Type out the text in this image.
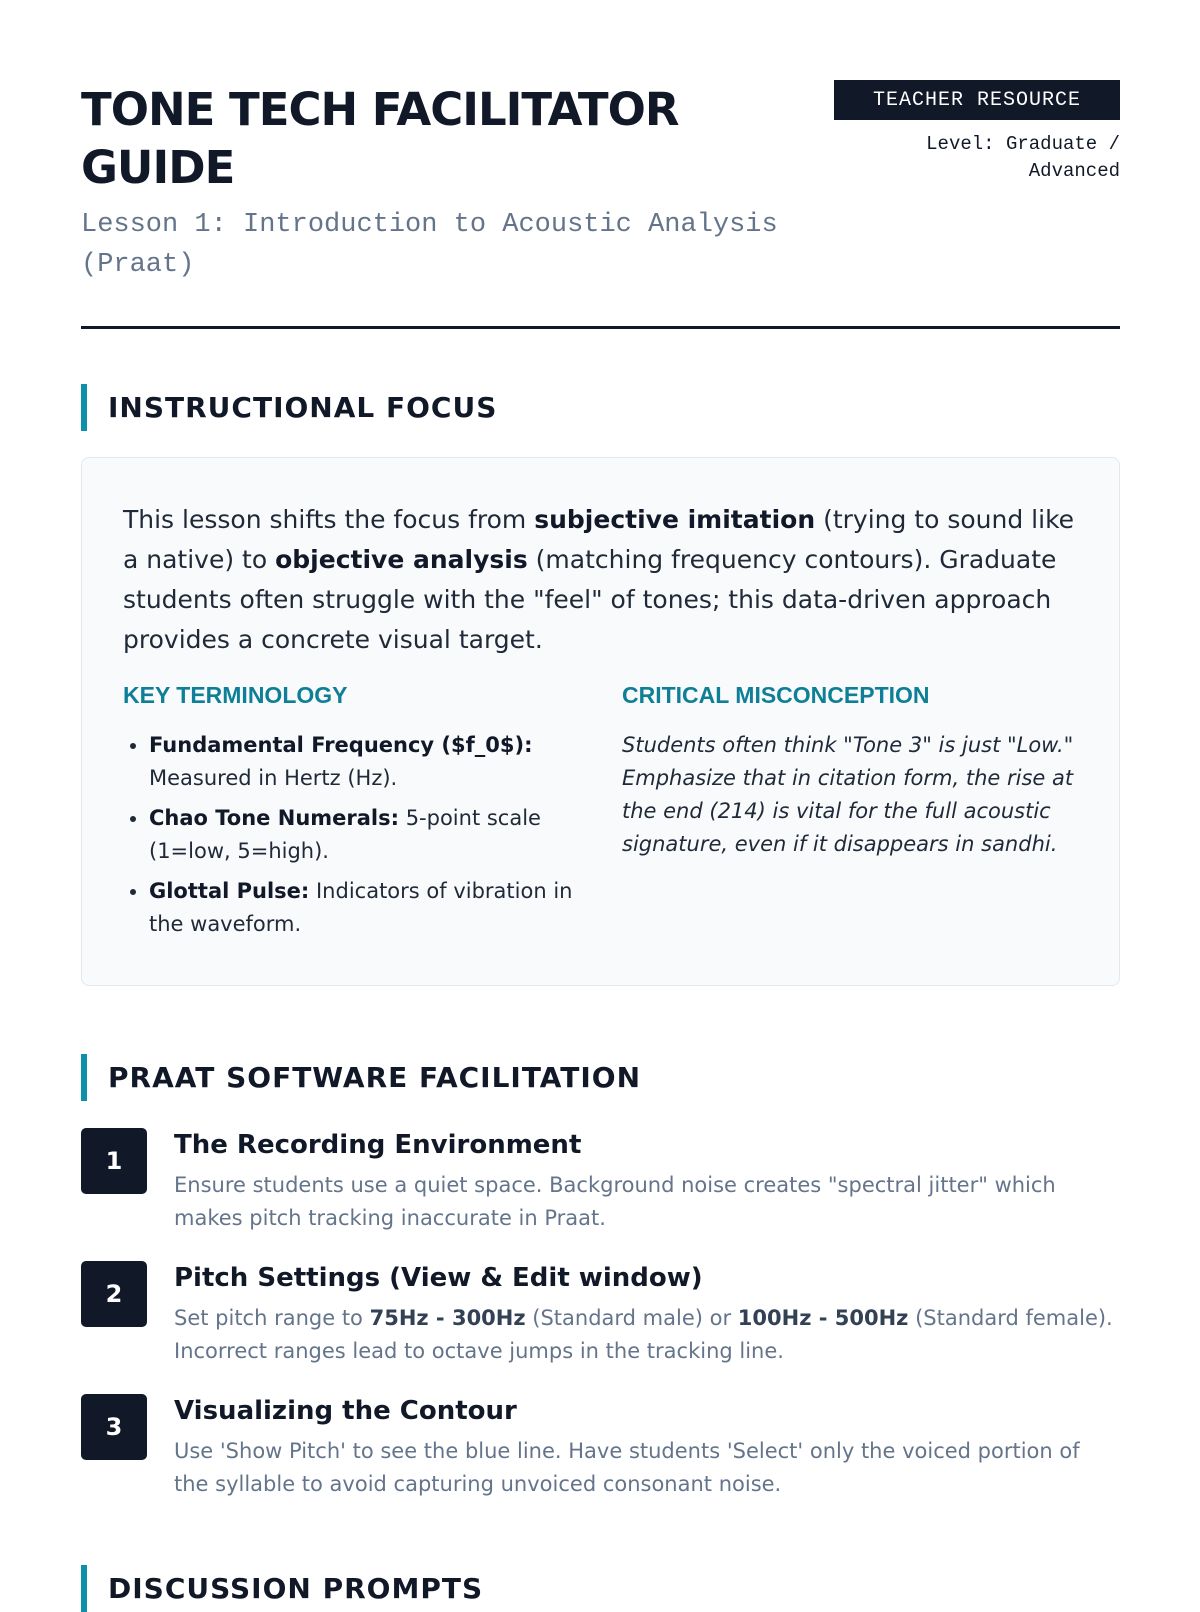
TONE TECH FACILITATOR GUIDE
Lesson 1: Introduction to Acoustic Analysis (Praat)
TEACHER RESOURCE
Level: Graduate / Advanced
INSTRUCTIONAL FOCUS

This lesson shifts the focus from subjective imitation (trying to sound like a native) to objective analysis (matching frequency contours). Graduate students often struggle with the "feel" of tones; this data-driven approach provides a concrete visual target.

KEY TERMINOLOGY
• Fundamental Frequency ($f_0$): Measured in Hertz (Hz).
• Chao Tone Numerals: 5-point scale (1=low, 5=high).
• Glottal Pulse: Indicators of vibration in the waveform.
CRITICAL MISCONCEPTION

Students often think "Tone 3" is just "Low." Emphasize that in citation form, the rise at the end (214) is vital for the full acoustic signature, even if it disappears in sandhi.

PRAAT SOFTWARE FACILITATION
1
The Recording Environment
Ensure students use a quiet space. Background noise creates "spectral jitter" which makes pitch tracking inaccurate in Praat.
2
Pitch Settings (View & Edit window)
Set pitch range to 75Hz - 300Hz (Standard male) or 100Hz - 500Hz (Standard female). Incorrect ranges lead to octave jumps in the tracking line.
3
Visualizing the Contour
Use 'Show Pitch' to see the blue line. Have students 'Select' only the voiced portion of the syllable to avoid capturing unvoiced consonant noise.
DISCUSSION PROMPTS
